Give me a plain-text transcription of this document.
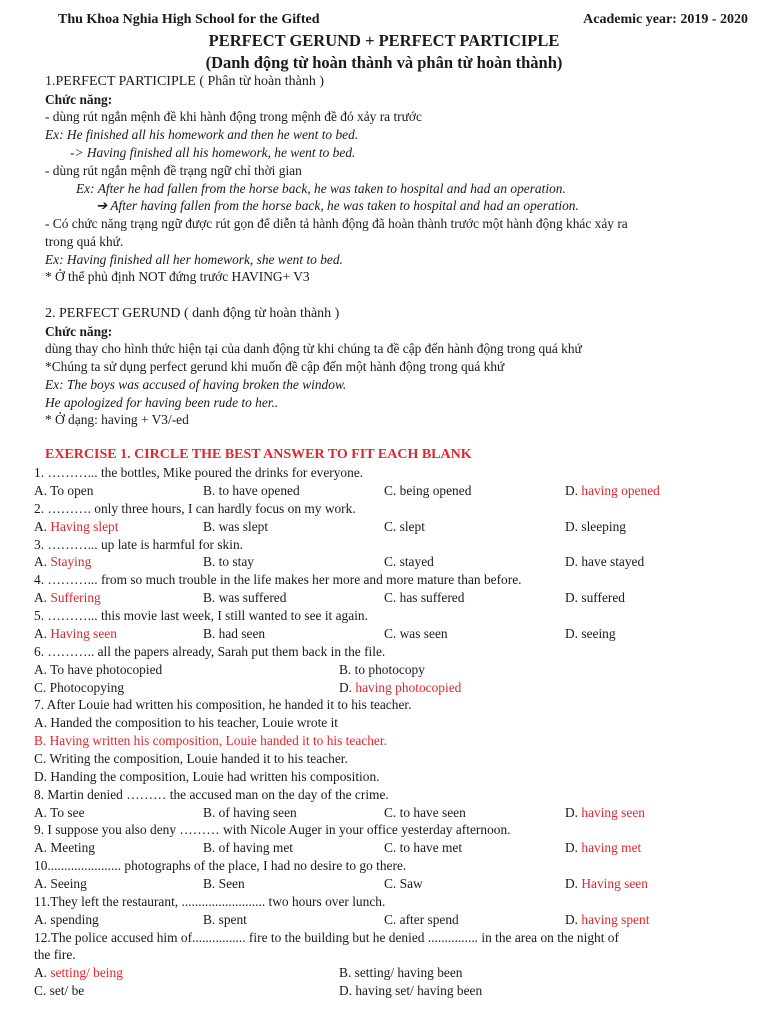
Thu Khoa Nghia High School for the Gifted	Academic year: 2019 - 2020
PERFECT GERUND + PERFECT PARTICIPLE
(Danh động từ hoàn thành và phân từ hoàn thành)
1.PERFECT PARTICIPLE ( Phân từ hoàn thành )
Chức năng:
- dùng rút ngắn mệnh đề khi hành động trong mệnh đề đó xảy ra trước
Ex: He finished all his homework and then he went to bed.
-> Having finished all his homework, he went to bed.
- dùng rút ngắn mệnh đề trạng ngữ chỉ thời gian
Ex: After he had fallen from the horse back, he was taken to hospital and had an operation.
➔ After having fallen from the horse back, he was taken to hospital and had an operation.
- Có chức năng trạng ngữ được rút gọn để diễn tả hành động đã hoàn thành trước một hành động khác xảy ra
trong quá khứ.
Ex: Having finished all her homework, she went to bed.
* Ở thể phủ định NOT đứng trước HAVING+ V3
2. PERFECT GERUND ( danh động từ hoàn thành )
Chức năng:
dùng thay cho hình thức hiện tại của danh động từ khi chúng ta đề cập đến hành động trong quá khứ
*Chúng ta sử dụng perfect gerund khi muốn đề cập đến một hành động trong quá khứ
Ex: The boys was accused of having broken the window.
He apologized for having been rude to her..
* Ở dạng: having + V3/-ed
EXERCISE 1. CIRCLE THE BEST ANSWER TO FIT EACH BLANK
1. ………... the bottles, Mike poured the drinks for everyone.
A. To open	B. to have opened	C. being opened	D. having opened
2. ………. only three hours, I can hardly focus on my work.
A. Having slept	B. was slept	C. slept	D. sleeping
3. ………... up late is harmful for skin.
A. Staying	B. to stay	C. stayed	D. have stayed
4. ………... from so much trouble in the life makes her more and more mature than before.
A. Suffering	B. was suffered	C. has suffered	D. suffered
5. ………... this movie last week, I still wanted to see it again.
A. Having seen	B. had seen	C. was seen	D. seeing
6. ……….. all the papers already, Sarah put them back in the file.
A. To have photocopied	B. to photocopy
C. Photocopying	D. having photocopied
7. After Louie had written his composition, he handed it to his teacher.
A. Handed the composition to his teacher, Louie wrote it
B. Having written his composition, Louie handed it to his teacher.
C. Writing the composition, Louie handed it to his teacher.
D. Handing the composition, Louie had written his composition.
8. Martin denied ……… the accused man on the day of the crime.
A. To see	B. of having seen	C. to have seen	D. having seen
9. I suppose you also deny ……… with Nicole Auger in your office yesterday afternoon.
A. Meeting	B. of having met	C. to have met	D. having met
10...................... photographs of the place, I had no desire to go there.
A. Seeing	B. Seen	C. Saw	D. Having seen
11.They left the restaurant, ......................... two hours over lunch.
A. spending	B. spent	C. after spend	D. having spent
12.The police accused him of................ fire to the building but he denied ............... in the area on the night of
the fire.
A. setting/ being	B. setting/ having been
C. set/ be	D. having set/ having been
